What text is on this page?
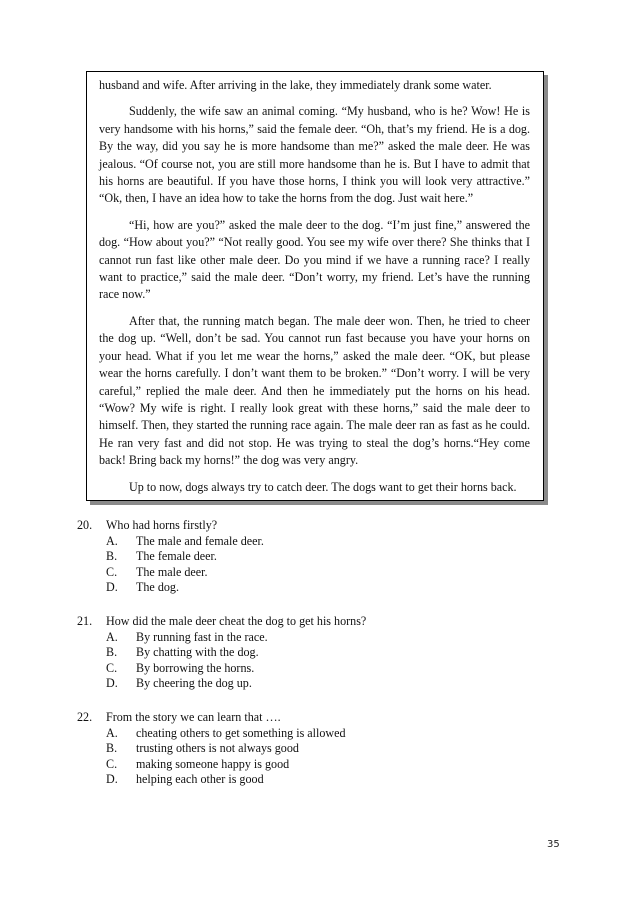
husband and wife. After arriving in the lake, they immediately drank some water.

Suddenly, the wife saw an animal coming. “My husband, who is he? Wow! He is very handsome with his horns,” said the female deer. “Oh, that’s my friend. He is a dog. By the way, did you say he is more handsome than me?” asked the male deer. He was jealous. “Of course not, you are still more handsome than he is. But I have to admit that his horns are beautiful. If you have those horns, I think you will look very attractive.” “Ok, then, I have an idea how to take the horns from the dog. Just wait here.”

“Hi, how are you?” asked the male deer to the dog. “I’m just fine,” answered the dog. “How about you?” “Not really good. You see my wife over there? She thinks that I cannot run fast like other male deer. Do you mind if we have a running race? I really want to practice,” said the male deer. “Don’t worry, my friend. Let’s have the running race now.”

After that, the running match began. The male deer won. Then, he tried to cheer the dog up. “Well, don’t be sad. You cannot run fast because you have your horns on your head. What if you let me wear the horns,” asked the male deer. “OK, but please wear the horns carefully. I don’t want them to be broken.” “Don’t worry. I will be very careful,” replied the male deer. And then he immediately put the horns on his head. “Wow? My wife is right. I really look great with these horns,” said the male deer to himself. Then, they started the running race again. The male deer ran as fast as he could. He ran very fast and did not stop. He was trying to steal the dog’s horns.“Hey come back! Bring back my horns!” the dog was very angry.

Up to now, dogs always try to catch deer. The dogs want to get their horns back.

20.	Who had horns firstly?
A.	The male and female deer.
B.	The female deer.
C.	The male deer.
D.	The dog.
21.	How did the male deer cheat the dog to get his horns?
A.	By running fast in the race.
B.	By chatting with the dog.
C.	By borrowing the horns.
D.	By cheering the dog up.
22.	From the story we can learn that ….
A.	cheating others to get something is allowed
B.	trusting others is not always good
C.	making someone happy is good
D.	helping each other is good
35
